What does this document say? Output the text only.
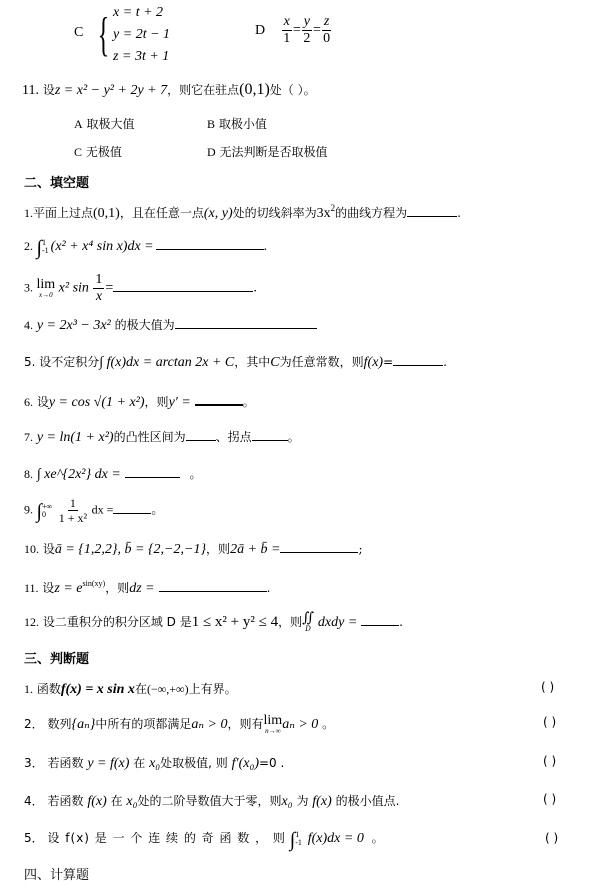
C { x = t + 2
y = 2t − 1
z = 3t + 1
D $\frac{x}{1} = \frac{y}{2} = \frac{z}{0}$
11. 设z = x² − y² + 2y + 7，则它在驻点(0,1)处（ ）。
A 取极大值	B 取极小值
C 无极值	D 无法判断是否取极值
二、填空题
1.平面上过点(0,1)，且在任意一点(x, y)处的切线斜率为$3x^2$的曲线方程为	.
2. ∫ 1
-1 (x² + x⁴ sin x)dx =	.
3. lim
x→0 x² $\sin \frac{1}{x}$ =	.
4. y = 2x³ − 3x² 的极大值为
5. 设不定积分∫ f(x)dx = arctan 2x + C，其中C为任意常数，则f(x)=	.
6. 设y = cos √(1 + x²)，则y′ =	。
7. y = ln(1 + x²)的凸性区间为	、拐点	。
8. ∫ xe^{2x²} dx =	。
9. ∫ +∞
0
	$\frac{1}{\text{1 + x²}}$ dx =	。
10. 设ā = {1,2,2}, b̄ = {2,−2,−1}，则2ā + b̄ =	;
11. 设$z = e^{sin(xy)}$，则dz =	.
12. 设二重积分的积分区域 D 是1 ≤ x² + y² ≤ 4，则 ∬
D dxdy =	.
三、判断题
1. 函数f(x) = x sin x在(−∞,+∞)上有界。	( )
2． 数列{aₙ}中所有的项都满足aₙ > 0，则有 lim
n→∞ aₙ > 0 。	( )
3． 若函数 y = f(x) 在 x₀处取极值, 则 f′(x₀)=0 .	( )
4． 若函数 f(x) 在 x₀处的二阶导数值大于零，则x₀ 为 f(x) 的极小值点.	( )
5． 设 f(x) 是 一 个 连 续 的 奇 函 数 ， 则 ∫ 1
-1 f(x)dx = 0 。	( )
四、计算题
